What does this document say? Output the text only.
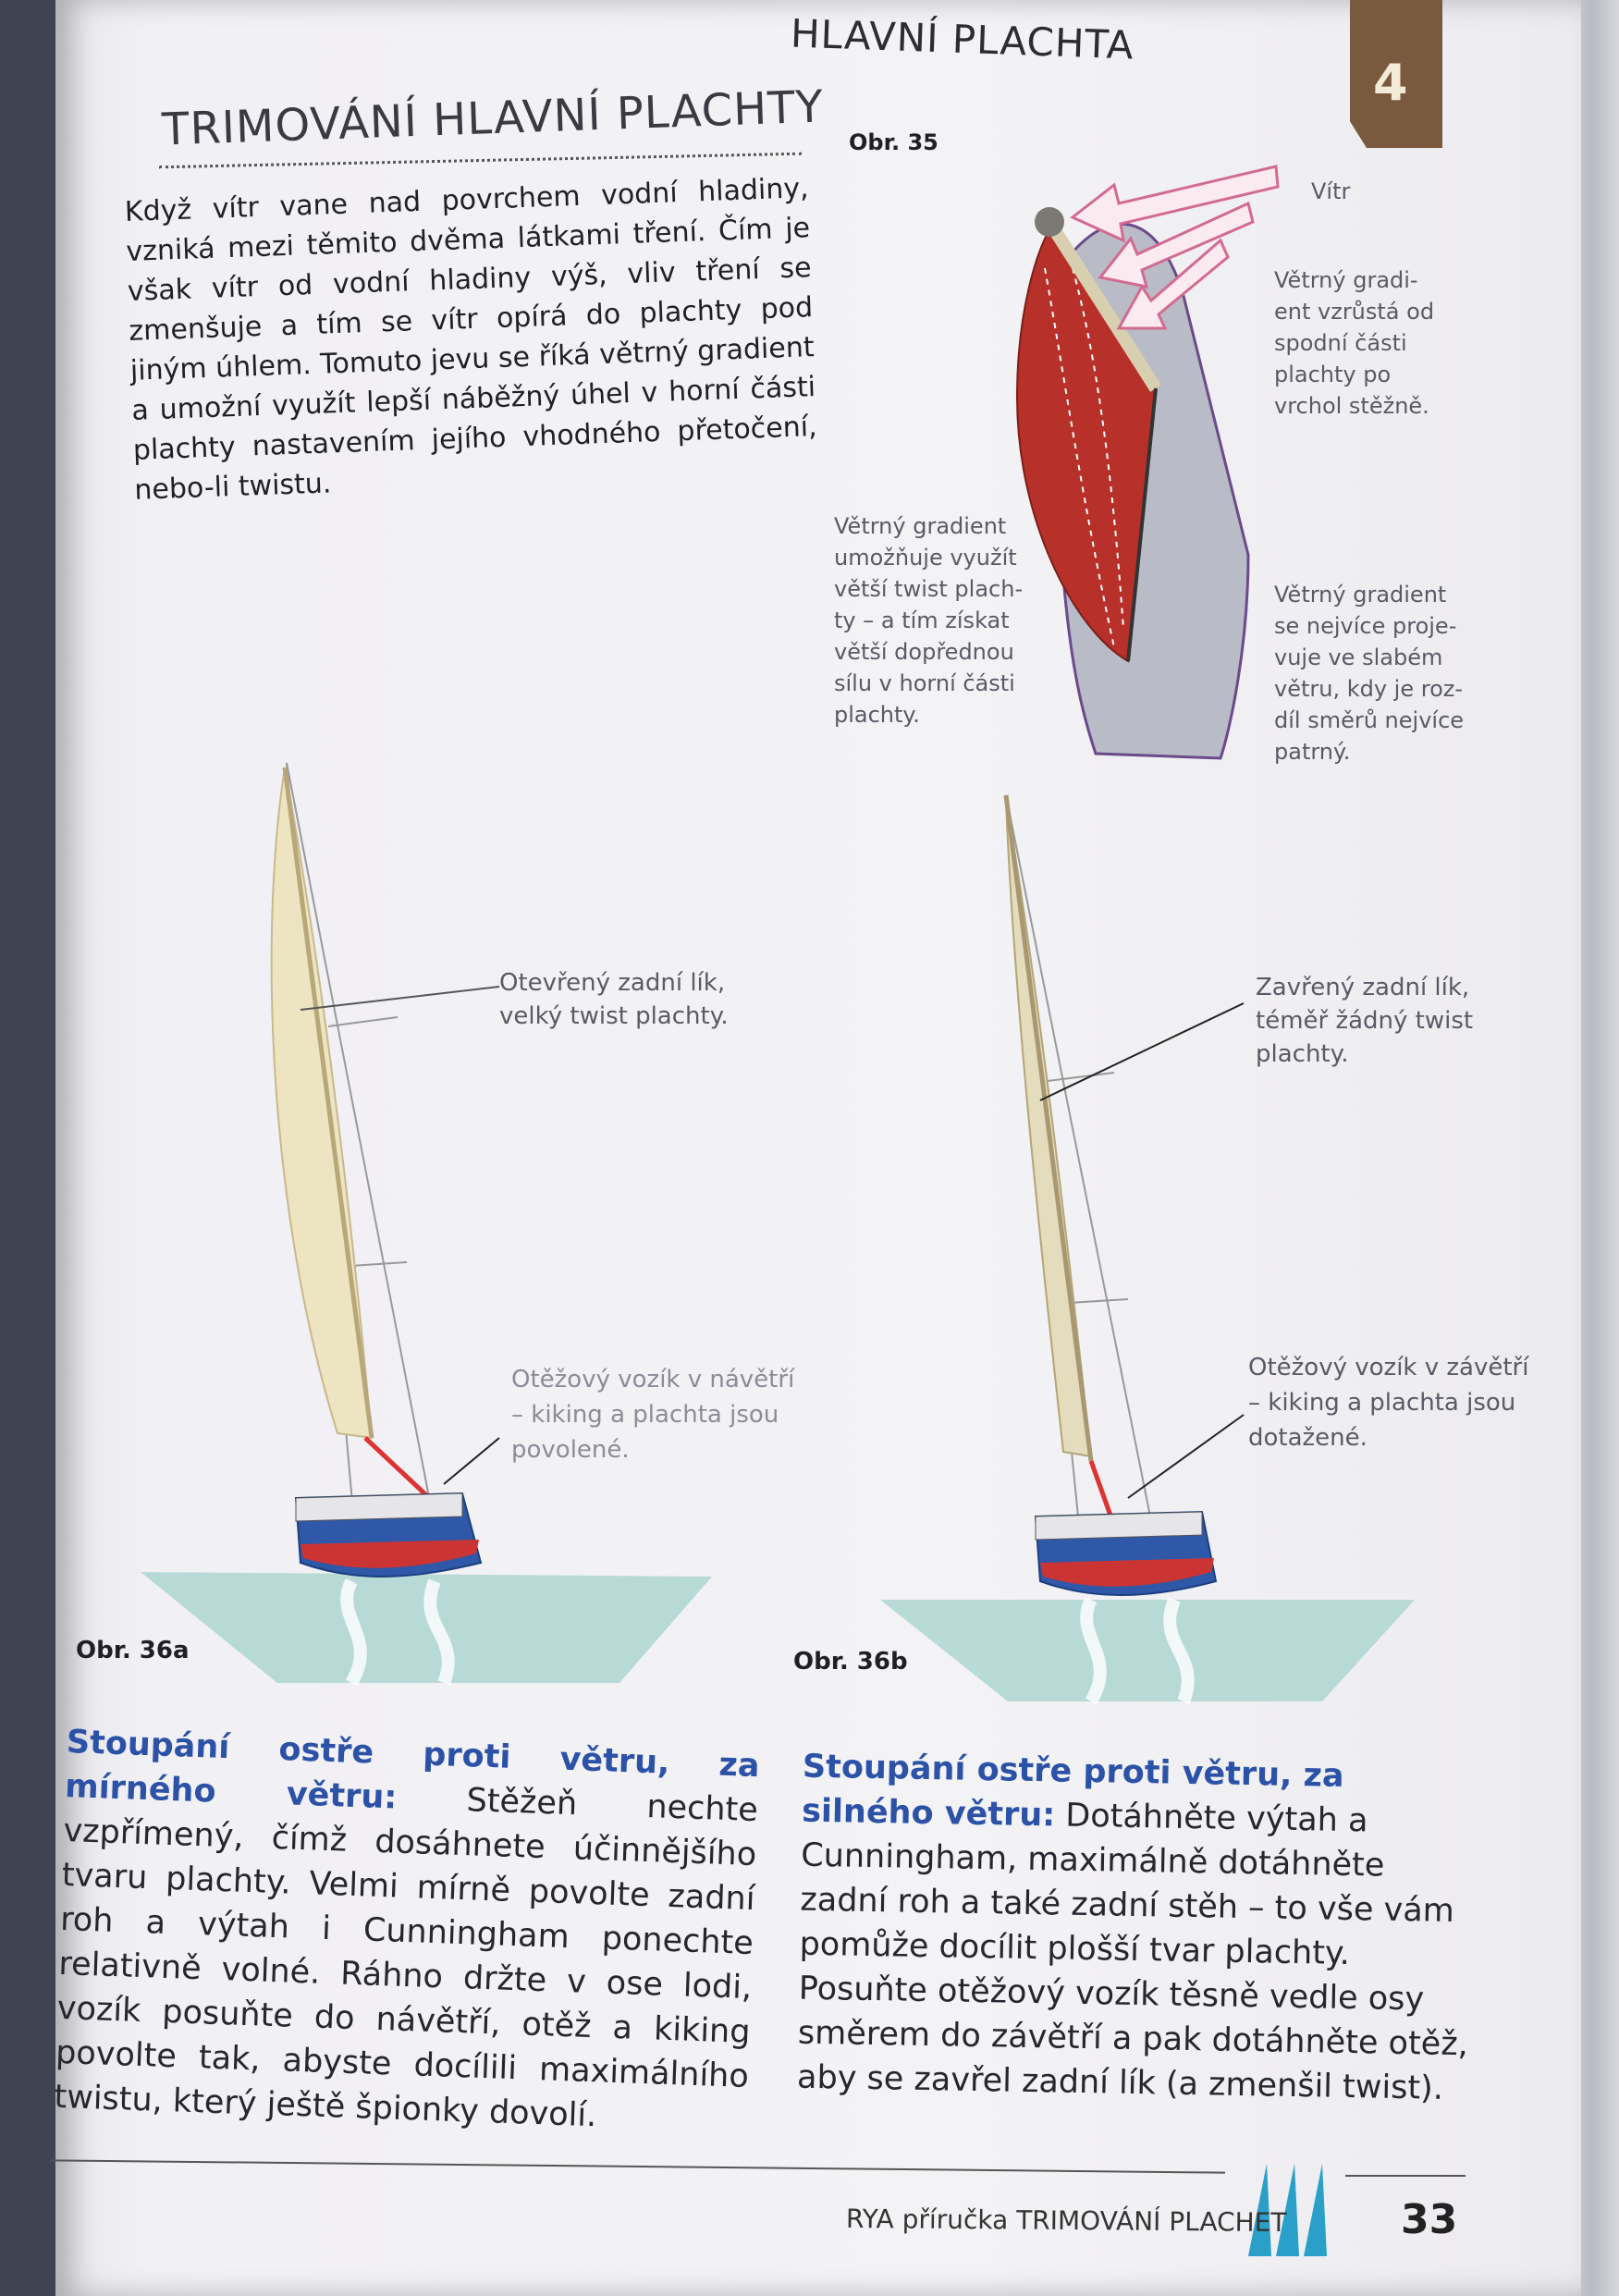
HLAVNÍ PLACHTA
4
TRIMOVÁNÍ HLAVNÍ PLACHTY
Když vítr vane nad povrchem vodní hladiny, vzniká mezi těmito dvěma látkami tření. Čím je však vítr od vodní hladiny výš, vliv tření se zmenšuje a tím se vítr opírá do plachty pod jiným úhlem. Tomuto jevu se říká větrný gradient a umožní využít lepší náběžný úhel v horní části plachty nastavením jejího vhodného přetočení, nebo-li twistu.
Obr. 35
Vítr
Větrný gradi-
ent vzrůstá od
spodní části
plachty po
vrchol stěžně.
Větrný gradient
umožňuje využít
větší twist plach-
ty – a tím získat
větší dopřednou
sílu v horní části
plachty.
Větrný gradient
se nejvíce proje-
vuje ve slabém
větru, kdy je roz-
díl směrů nejvíce
patrný.
Otevřený zadní lík,
velký twist plachty.
Otěžový vozík v návětří
– kiking a plachta jsou
povolené.
Obr. 36a
Zavřený zadní lík,
téměř žádný twist
plachty.
Otěžový vozík v závětří
– kiking a plachta jsou
dotažené.
Obr. 36b
Stoupání ostře proti větru, za mírného větru: Stěžeň nechte vzpřímený, čímž dosáhnete účinnějšího tvaru plachty. Velmi mírně povolte zadní roh a výtah i Cunningham ponechte relativně volné. Ráhno držte v ose lodi, vozík posuňte do návětří, otěž a kiking povolte tak, abyste docílili maximálního twistu, který ještě špionky dovolí.
Stoupání ostře proti větru, za silného větru: Dotáhněte výtah a Cunningham, maximálně dotáhněte zadní roh a také zadní stěh – to vše vám pomůže docílit plošší tvar plachty. Posuňte otěžový vozík těsně vedle osy směrem do závětří a pak dotáhněte otěž, aby se zavřel zadní lík (a zmenšil twist).
RYA příručka TRIMOVÁNÍ PLACHET	33
